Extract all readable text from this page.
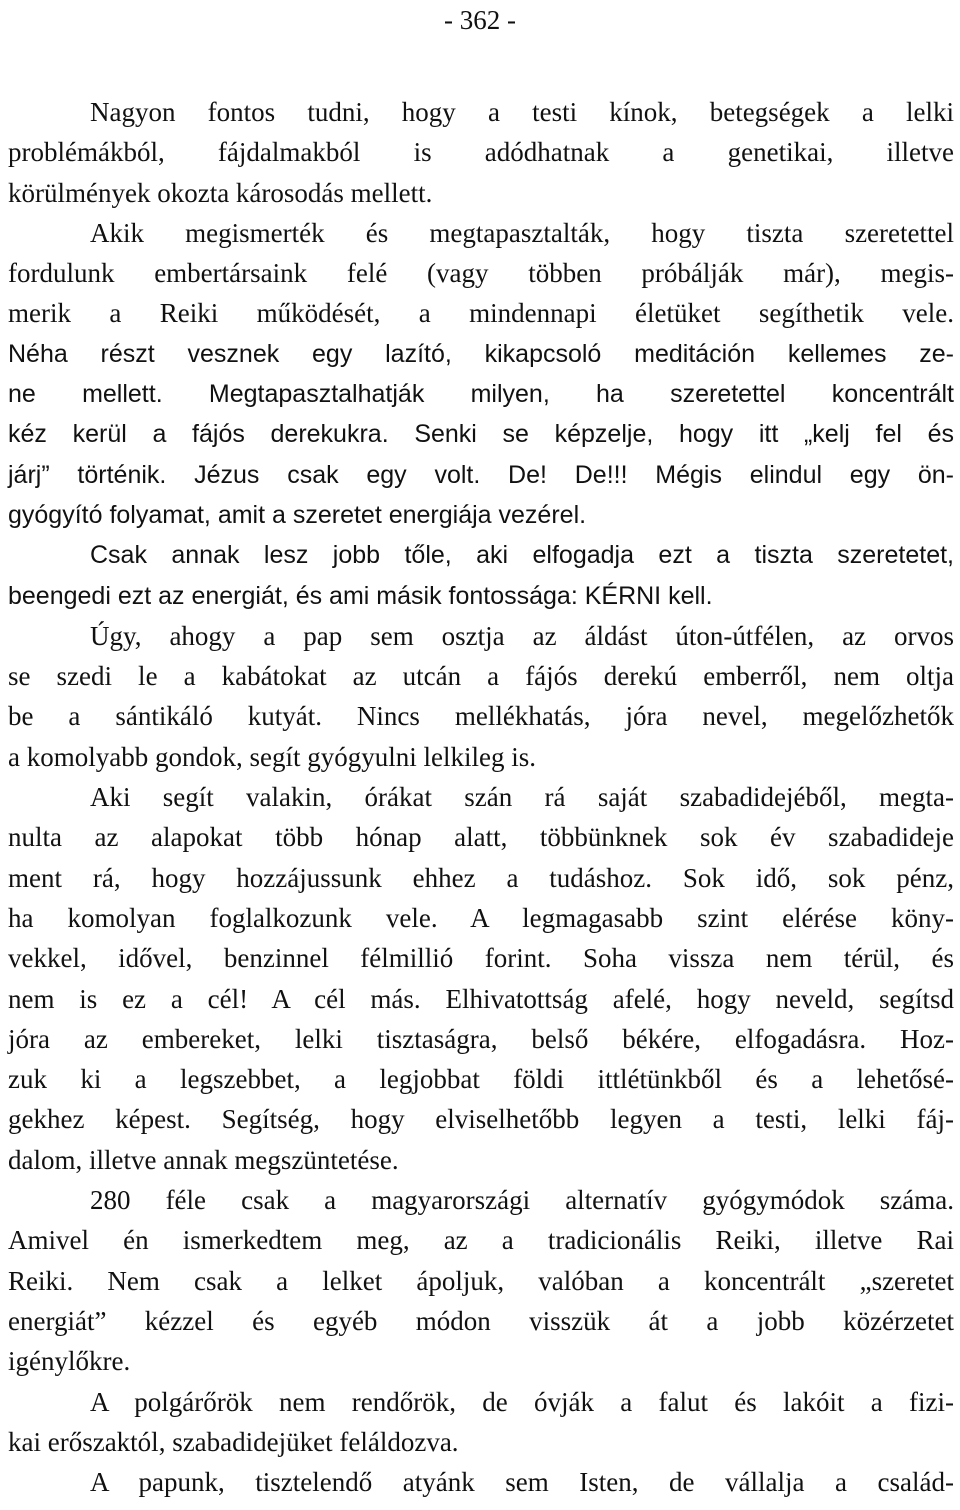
- 362 -
Nagyon fontos tudni, hogy a testi kínok, betegségek a lelki
problémákból, fájdalmakból is adódhatnak a genetikai, illetve
körülmények okozta károsodás mellett.
Akik megismerték és megtapasztalták, hogy tiszta szeretettel
fordulunk embertársaink felé (vagy többen próbálják már), megis-
merik a Reiki működését, a mindennapi életüket segíthetik vele.
Néha részt vesznek egy lazító, kikapcsoló meditáción kellemes ze-
ne mellett. Megtapasztalhatják milyen, ha szeretettel koncentrált
kéz kerül a fájós derekukra. Senki se képzelje, hogy itt „kelj fel és
járj” történik. Jézus csak egy volt. De! De!!! Mégis elindul egy ön-
gyógyító folyamat, amit a szeretet energiája vezérel.
Csak annak lesz jobb tőle, aki elfogadja ezt a tiszta szeretetet,
beengedi ezt az energiát, és ami másik fontossága: KÉRNI kell.
Úgy, ahogy a pap sem osztja az áldást úton-útfélen, az orvos
se szedi le a kabátokat az utcán a fájós derekú emberről, nem oltja
be a sántikáló kutyát. Nincs mellékhatás, jóra nevel, megelőzhetők
a komolyabb gondok, segít gyógyulni lelkileg is.
Aki segít valakin, órákat szán rá saját szabadidejéből, megta-
nulta az alapokat több hónap alatt, többünknek sok év szabadideje
ment rá, hogy hozzájussunk ehhez a tudáshoz. Sok idő, sok pénz,
ha komolyan foglalkozunk vele. A legmagasabb szint elérése köny-
vekkel, idővel, benzinnel félmillió forint. Soha vissza nem térül, és
nem is ez a cél! A cél más. Elhivatottság afelé, hogy neveld, segítsd
jóra az embereket, lelki tisztaságra, belső békére, elfogadásra. Hoz-
zuk ki a legszebbet, a legjobbat földi ittlétünkből és a lehetősé-
gekhez képest. Segítség, hogy elviselhetőbb legyen a testi, lelki fáj-
dalom, illetve annak megszüntetése.
280 féle csak a magyarországi alternatív gyógymódok száma.
Amivel én ismerkedtem meg, az a tradicionális Reiki, illetve Rai
Reiki. Nem csak a lelket ápoljuk, valóban a koncentrált „szeretet
energiát” kézzel és egyéb módon visszük át a jobb közérzetet
igénylőkre.
A polgárőrök nem rendőrök, de óvják a falut és lakóit a fizi-
kai erőszaktól, szabadidejüket feláldozva.
A papunk, tisztelendő atyánk sem Isten, de vállalja a család-
